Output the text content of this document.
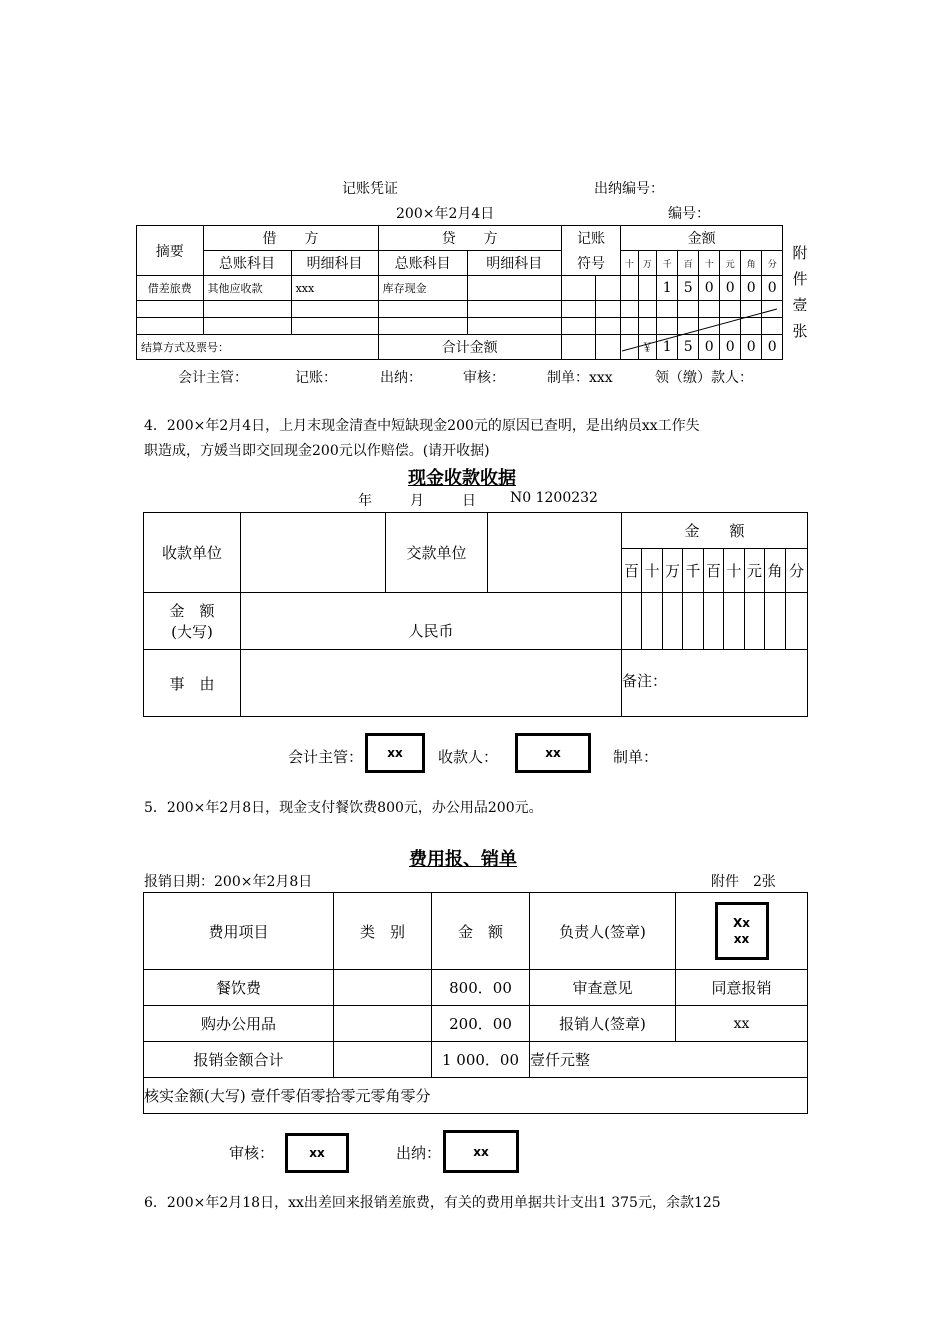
记账凭证	出纳编号：
200×年2月4日	编号：
摘要	借　　方		贷　　方		记账		金额							
	总账科目	明细科目	总账科目	明细科目	符号		十	万	千	百	十	元	角	分
借差旅费	其他应收款	xxx	库存现金						1	5	0	0	0	0

结算方式及票号：			合计金额					￥	1	5	0	0	0	0
附
件
壹
张
会计主管：	记账：	出纳：	审核：	制单：xxx	领（缴）款人：
4．200×年2月4日，上月末现金清查中短缺现金200元的原因已查明，是出纳员xx工作失
职造成，方媛当即交回现金200元以作赔偿。(请开收据)
现金收款收据
年	月	日 N0 1200232
收款单位		交款单位		金　　额								
				百	十	万	千	百	十	元	角	分

金　额
(大写)	人民币											
事　由				备注：								
会计主管：	xx	收款人：	xx	制单：
5．200×年2月8日，现金支付餐饮费800元，办公用品200元。
费用报、销单
报销日期：200×年2月8日	附件　2张
费用项目	类　别	金　额	负责人(签章)	Xx
xx

餐饮费		800．00	审查意见	同意报销
购办公用品		200．00	报销人(签章)	xx
报销金额合计		1 000．00	壹仟元整	
核实金额(大写) 壹仟零佰零拾零元零角零分				
审核：	xx	出纳：	xx
6．200×年2月18日，xx出差回来报销差旅费，有关的费用单据共计支出1 375元，余款125
